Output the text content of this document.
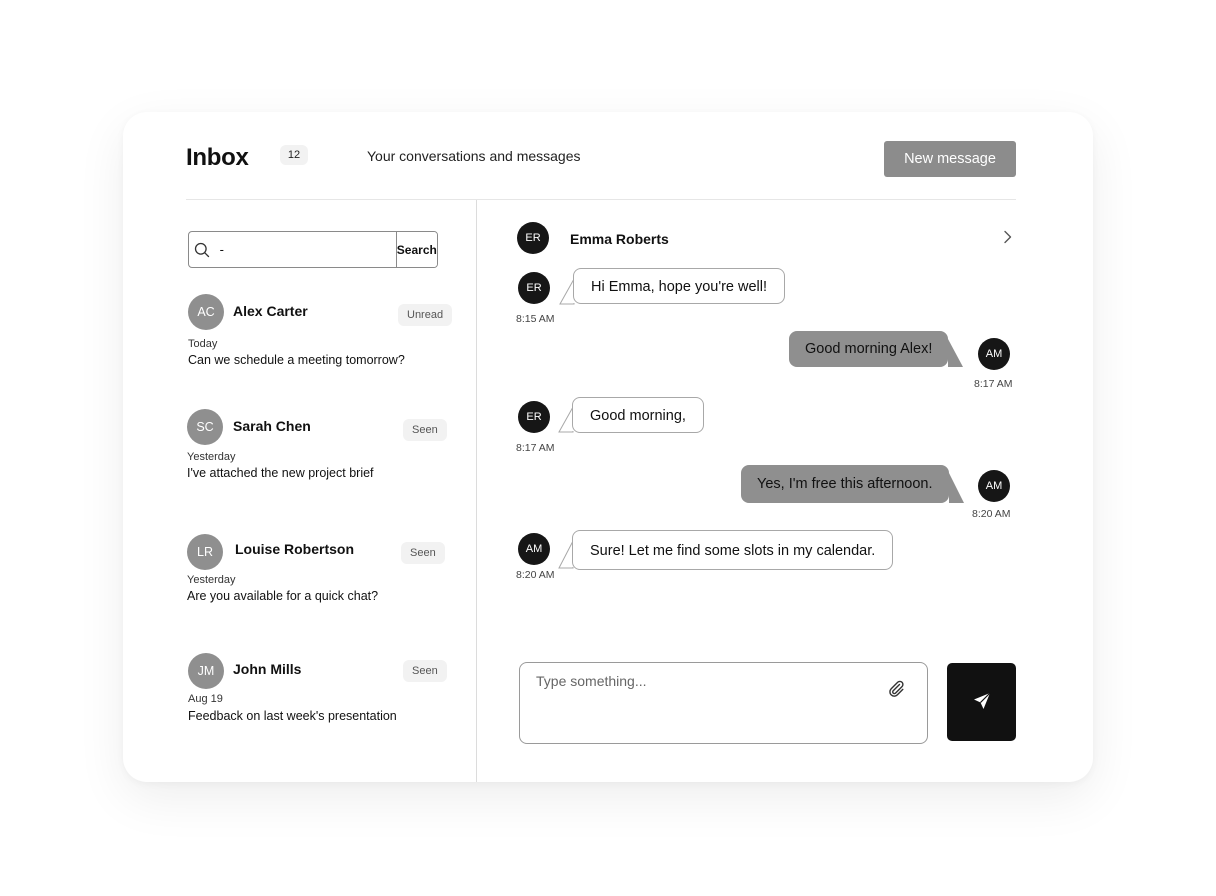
Inbox	12	Your conversations and messages	New message
-
Search
AC	Alex Carter	Unread
Today
Can we schedule a meeting tomorrow?
SC	Sarah Chen	Seen
Yesterday
I've attached the new project brief
LR	Louise Robertson	Seen
Yesterday
Are you available for a quick chat?
JM	John Mills	Seen
Aug 19
Feedback on last week's presentation
ER	Emma Roberts
ER	Hi Emma, hope you're well!
8:15 AM
Good morning Alex!	AM
8:17 AM
ER	Good morning,
8:17 AM
Yes, I'm free this afternoon.	AM
8:20 AM
AM	Sure! Let me find some slots in my calendar.
8:20 AM
Type something...
